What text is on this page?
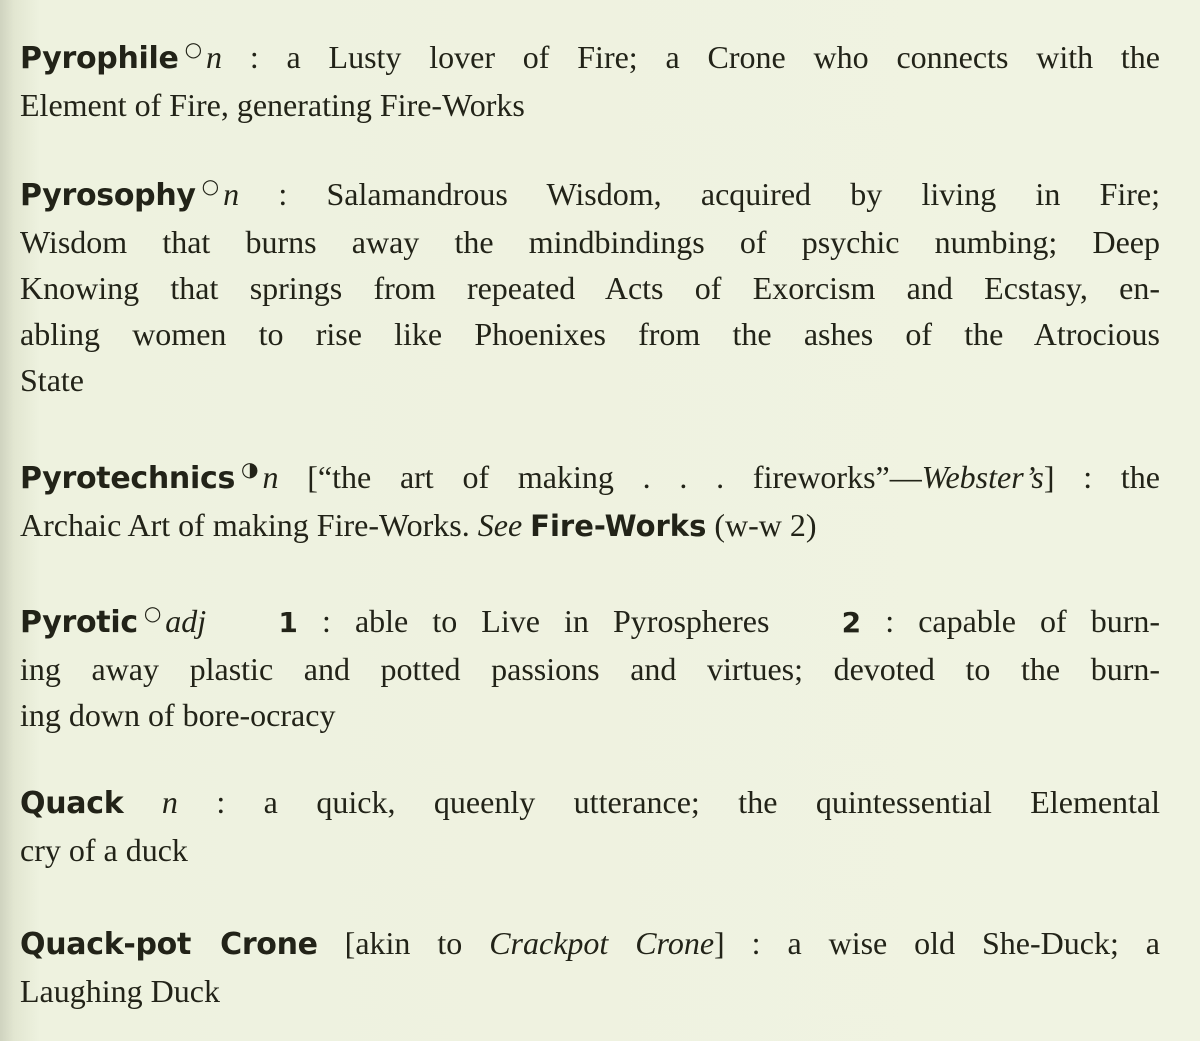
Pyrophile ○ n : a Lusty lover of Fire; a Crone who connects with the
Element of Fire, generating Fire-Works
Pyrosophy ○ n : Salamandrous Wisdom, acquired by living in Fire;
Wisdom that burns away the mindbindings of psychic numbing; Deep
Knowing that springs from repeated Acts of Exorcism and Ecstasy, en-
abling women to rise like Phoenixes from the ashes of the Atrocious
State
Pyrotechnics ◑ n [“the art of making . . . fireworks”—Webster’s] : the
Archaic Art of making Fire-Works. See Fire-Works (w-w 2)
Pyrotic ○ adj	1 : able to Live in Pyrospheres	2 : capable of burn-
ing away plastic and potted passions and virtues; devoted to the burn-
ing down of bore-ocracy
Quack n : a quick, queenly utterance; the quintessential Elemental
cry of a duck
Quack-pot Crone [akin to Crackpot Crone] : a wise old She-Duck; a
Laughing Duck
